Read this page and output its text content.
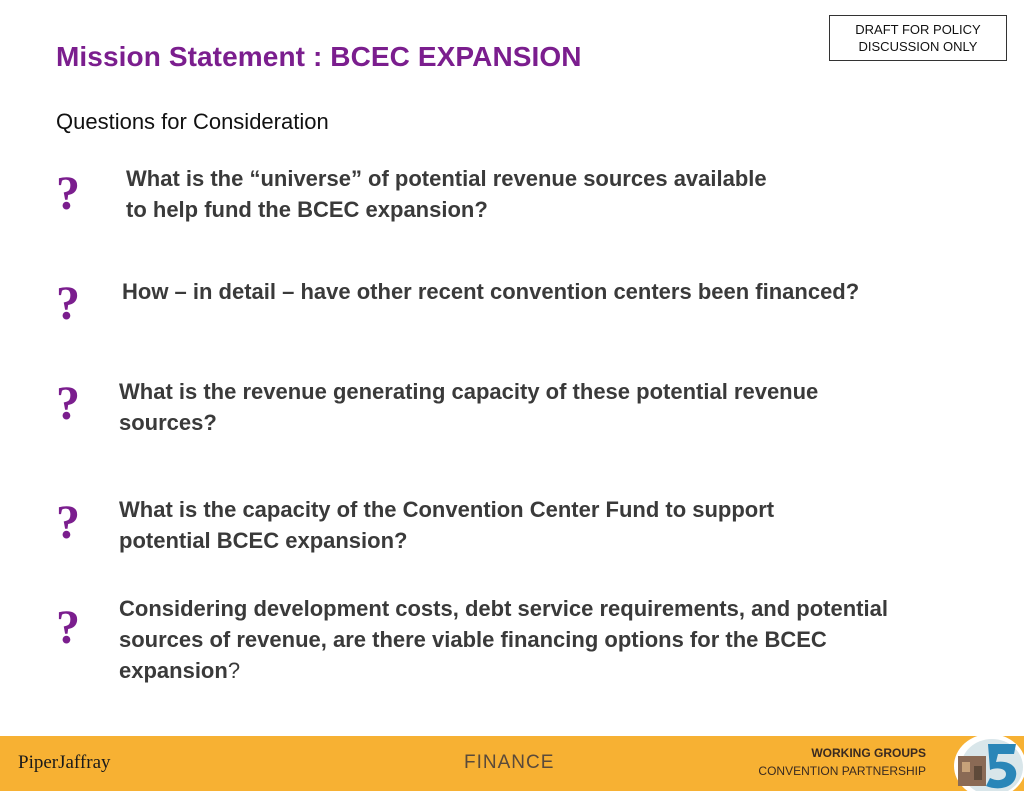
DRAFT FOR POLICY
DISCUSSION ONLY
Mission Statement : BCEC EXPANSION
Questions for Consideration
? What is the “universe” of potential revenue sources available
to help fund the BCEC expansion?
? How – in detail – have other recent convention centers been financed?
? What is the revenue generating capacity of these potential revenue
sources?
? What is the capacity of the Convention Center Fund to support
potential BCEC expansion?
? Considering development costs, debt service requirements, and potential
sources of revenue, are there viable financing options for the BCEC
expansion?
PiperJaffray	FINANCE	WORKING GROUPS
CONVENTION PARTNERSHIP
